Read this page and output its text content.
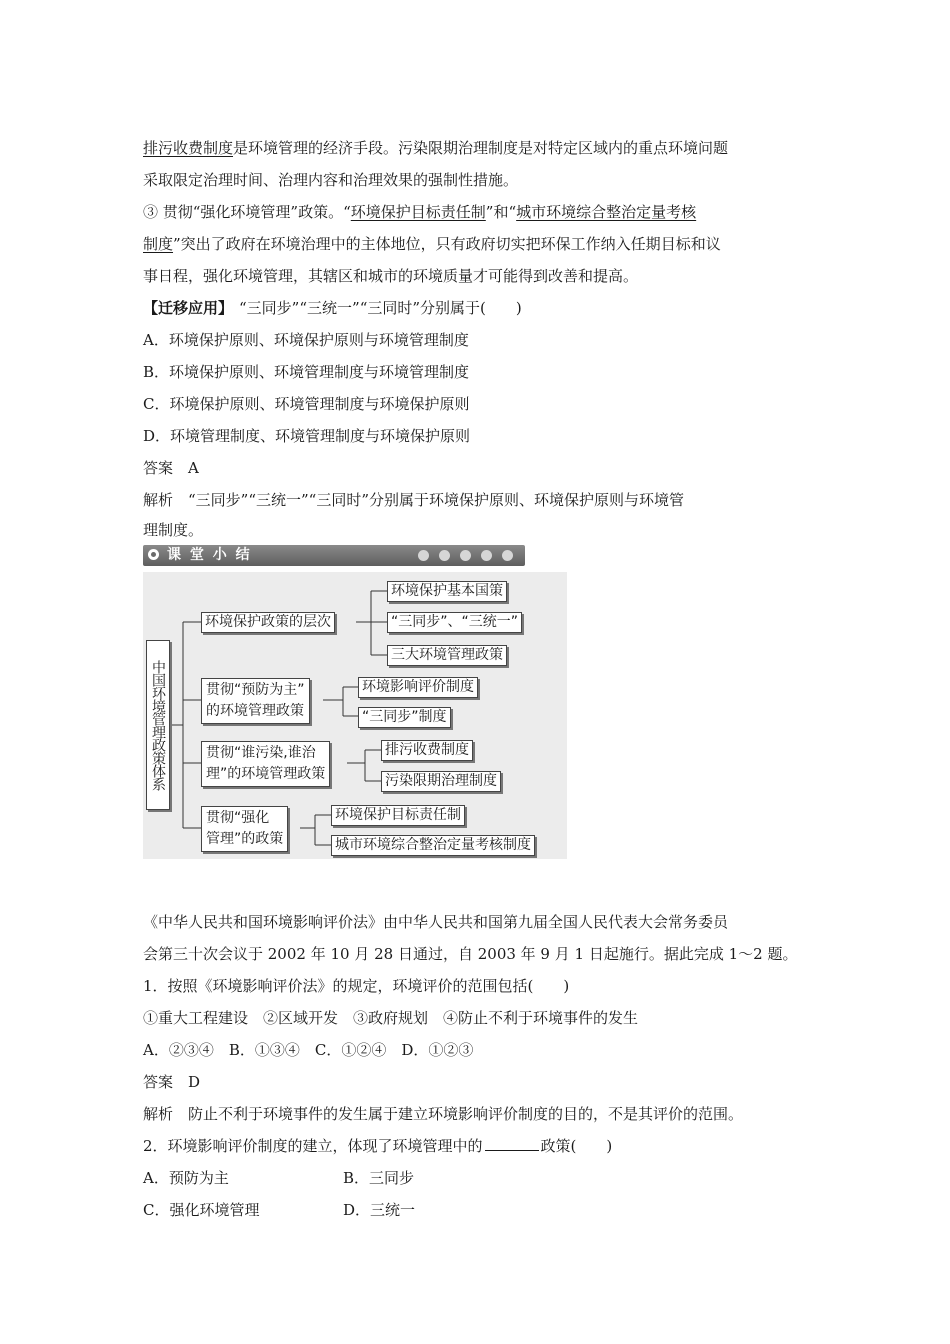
排污收费制度是环境管理的经济手段。污染限期治理制度是对特定区域内的重点环境问题
采取限定治理时间、治理内容和治理效果的强制性措施。
③ 贯彻“强化环境管理”政策。“环境保护目标责任制”和“城市环境综合整治定量考核
制度”突出了政府在环境治理中的主体地位，只有政府切实把环保工作纳入任期目标和议
事日程，强化环境管理，其辖区和城市的环境质量才可能得到改善和提高。
【迁移应用】 “三同步”“三统一”“三同时”分别属于(　　)
A．环境保护原则、环境保护原则与环境管理制度
B．环境保护原则、环境管理制度与环境管理制度
C．环境保护原则、环境管理制度与环境保护原则
D．环境管理制度、环境管理制度与环境保护原则
答案　A
解析　“三同步”“三统一”“三同时”分别属于环境保护原则、环境保护原则与环境管
理制度。
课 堂 小 结
中国环境管理政策体系
环境保护政策的层次
环境保护基本国策
“三同步”、“三统一”
三大环境管理政策
贯彻“预防为主”
的环境管理政策
环境影响评价制度
“三同步”制度
贯彻“谁污染,谁治
理”的环境管理政策
排污收费制度
污染限期治理制度
贯彻“强化
管理”的政策
环境保护目标责任制
城市环境综合整治定量考核制度
《中华人民共和国环境影响评价法》由中华人民共和国第九届全国人民代表大会常务委员
会第三十次会议于 2002 年 10 月 28 日通过，自 2003 年 9 月 1 日起施行。据此完成 1～2 题。
1．按照《环境影响评价法》的规定，环境评价的范围包括(　　)
①重大工程建设　②区域开发　③政府规划　④防止不利于环境事件的发生
A．②③④　B．①③④　C．①②④　D．①②③
答案　D
解析　防止不利于环境事件的发生属于建立环境影响评价制度的目的，不是其评价的范围。
2．环境影响评价制度的建立，体现了环境管理中的	政策(　　)
A．预防为主	B．三同步
C．强化环境管理	D．三统一
